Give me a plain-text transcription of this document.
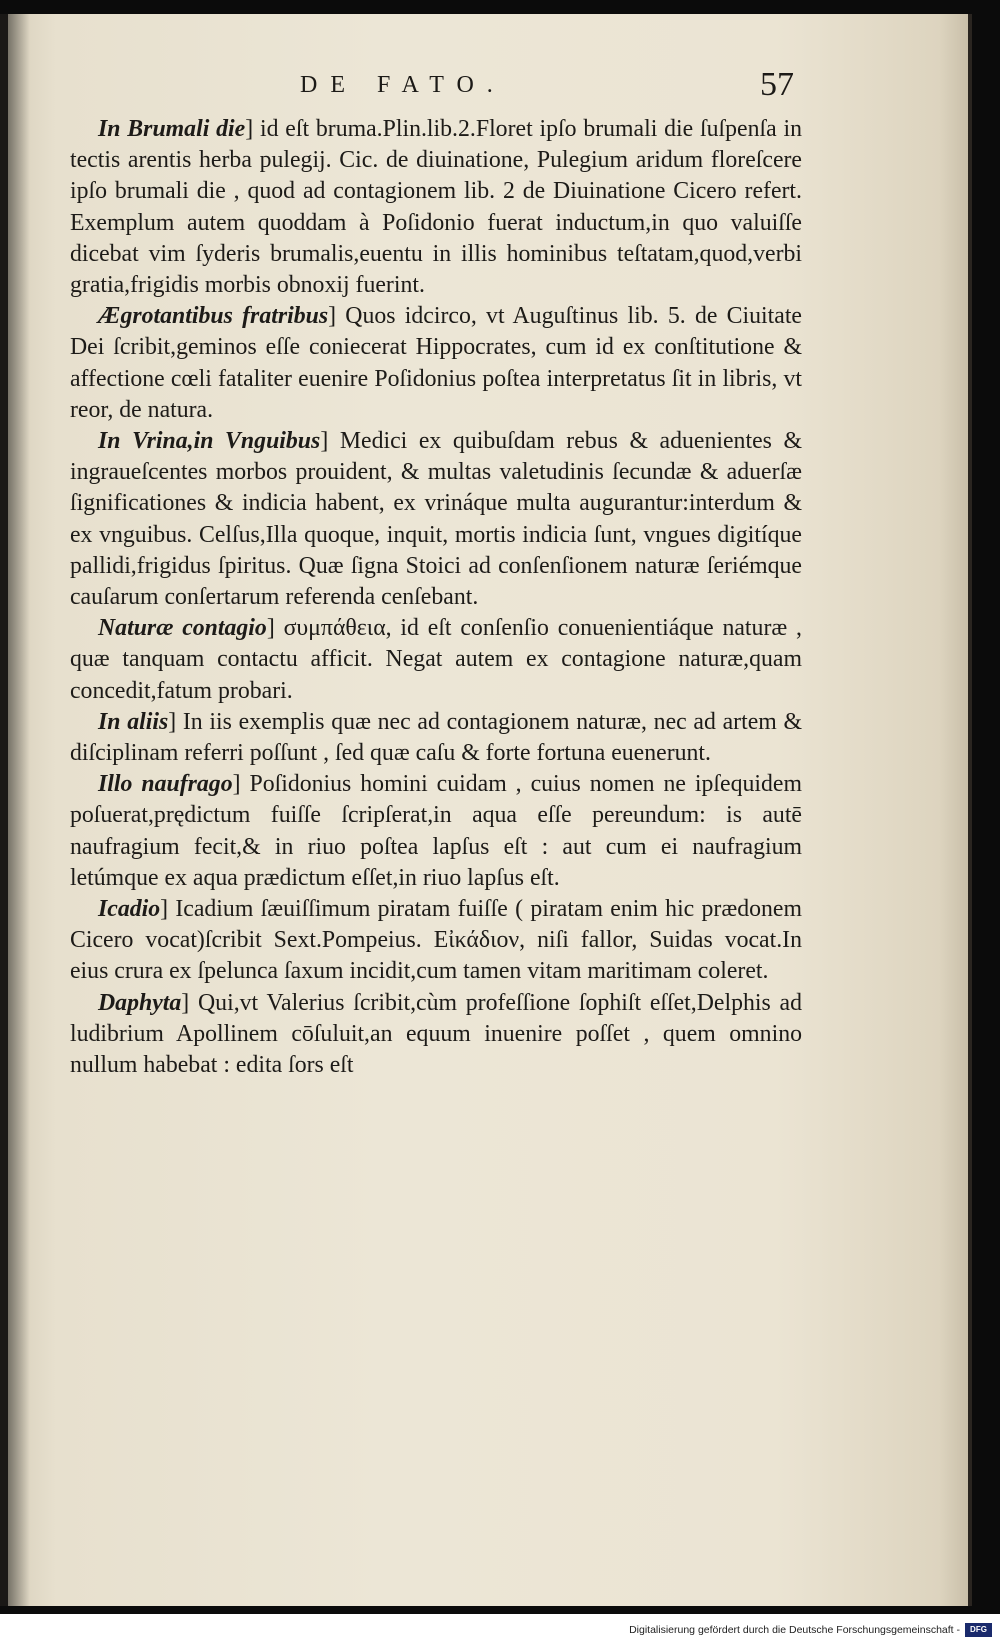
DE FATO.	57

In Brumali die] id eſt bruma.Plin.lib.2.Floret ipſo brumali die ſuſpenſa in tectis arentis herba pulegij. Cic. de diuinatione, Pulegium aridum floreſcere ipſo brumali die , quod ad contagionem lib. 2 de Diuinatione Cicero refert. Exemplum autem quoddam à Poſidonio fuerat inductum,in quo valuiſſe dicebat vim ſyderis brumalis,euentu in illis hominibus teſtatam,quod,verbi gratia,frigidis morbis obnoxij fuerint.

Ægrotantibus fratribus] Quos idcirco, vt Auguſtinus lib. 5. de Ciuitate Dei ſcribit,geminos eſſe coniecerat Hippocrates, cum id ex conſtitutione & affectione cœli fataliter euenire Poſidonius poſtea interpretatus ſit in libris, vt reor, de natura.

In Vrina,in Vnguibus] Medici ex quibuſdam rebus & aduenientes & ingraueſcentes morbos prouident, & multas valetudinis ſecundæ & aduerſæ ſignificationes & indicia habent, ex vrináque multa augurantur:interdum & ex vnguibus. Celſus,Illa quoque, inquit, mortis indicia ſunt, vngues digitíque pallidi,frigidus ſpiritus. Quæ ſigna Stoici ad conſenſionem naturæ ſeriémque cauſarum conſertarum referenda cenſebant.

Naturæ contagio] συμπάθεια, id eſt conſenſio conuenientiáque naturæ , quæ tanquam contactu afficit. Negat autem ex contagione naturæ,quam concedit,fatum probari.

In aliis] In iis exemplis quæ nec ad contagionem naturæ, nec ad artem & diſciplinam referri poſſunt , ſed quæ caſu & forte fortuna euenerunt.

Illo naufrago] Poſidonius homini cuidam , cuius nomen ne ipſequidem poſuerat,prędictum fuiſſe ſcripſerat,in aqua eſſe pereundum: is autē naufragium fecit,& in riuo poſtea lapſus eſt : aut cum ei naufragium letúmque ex aqua prædictum eſſet,in riuo lapſus eſt.

Icadio] Icadium ſæuiſſimum piratam fuiſſe ( piratam enim hic prædonem Cicero vocat)ſcribit Sext.Pompeius. Εἰκάδιον, niſi fallor, Suidas vocat.In eius crura ex ſpelunca ſaxum incidit,cum tamen vitam maritimam coleret.

Daphyta] Qui,vt Valerius ſcribit,cùm profeſſione ſophiſt eſſet,Delphis ad ludibrium Apollinem cōſuluit,an equum inuenire poſſet , quem omnino nullum habebat : edita ſors eſt

Digitalisierung gefördert durch die Deutsche Forschungsgemeinschaft -	DFG
